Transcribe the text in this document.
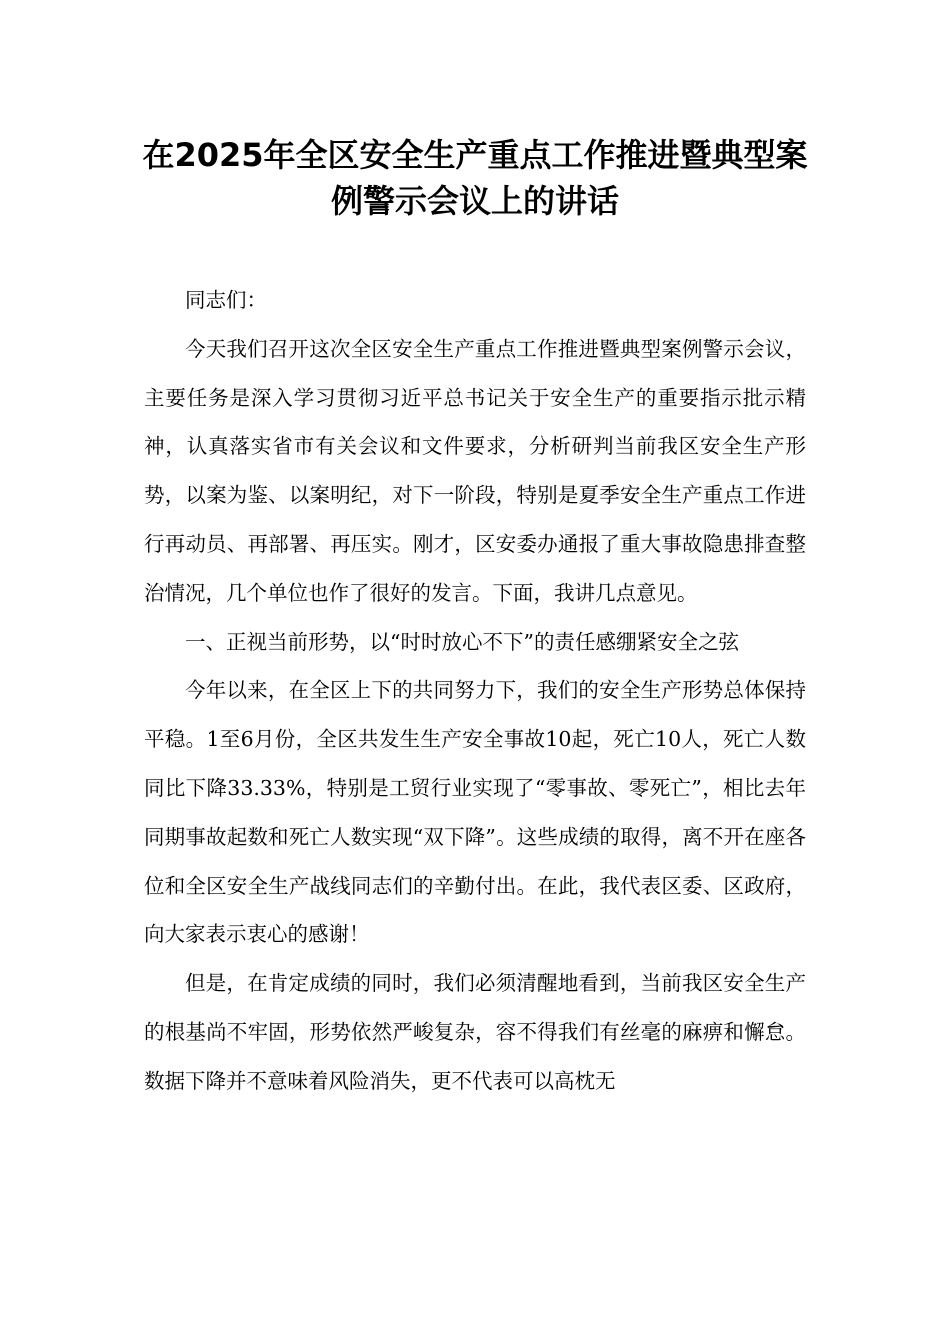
在2025年全区安全生产重点工作推进暨典型案例警示会议上的讲话

同志们：

今天我们召开这次全区安全生产重点工作推进暨典型案例警示会议，主要任务是深入学习贯彻习近平总书记关于安全生产的重要指示批示精神，认真落实省市有关会议和文件要求，分析研判当前我区安全生产形势，以案为鉴、以案明纪，对下一阶段，特别是夏季安全生产重点工作进行再动员、再部署、再压实。刚才，区安委办通报了重大事故隐患排查整治情况，几个单位也作了很好的发言。下面，我讲几点意见。

一、正视当前形势，以“时时放心不下”的责任感绷紧安全之弦

今年以来，在全区上下的共同努力下，我们的安全生产形势总体保持平稳。1至6月份，全区共发生生产安全事故10起，死亡10人，死亡人数同比下降33.33%，特别是工贸行业实现了“零事故、零死亡”，相比去年同期事故起数和死亡人数实现“双下降”。这些成绩的取得，离不开在座各位和全区安全生产战线同志们的辛勤付出。在此，我代表区委、区政府，向大家表示衷心的感谢！

但是，在肯定成绩的同时，我们必须清醒地看到，当前我区安全生产的根基尚不牢固，形势依然严峻复杂，容不得我们有丝毫的麻痹和懈怠。数据下降并不意味着风险消失，更不代表可以高枕无
